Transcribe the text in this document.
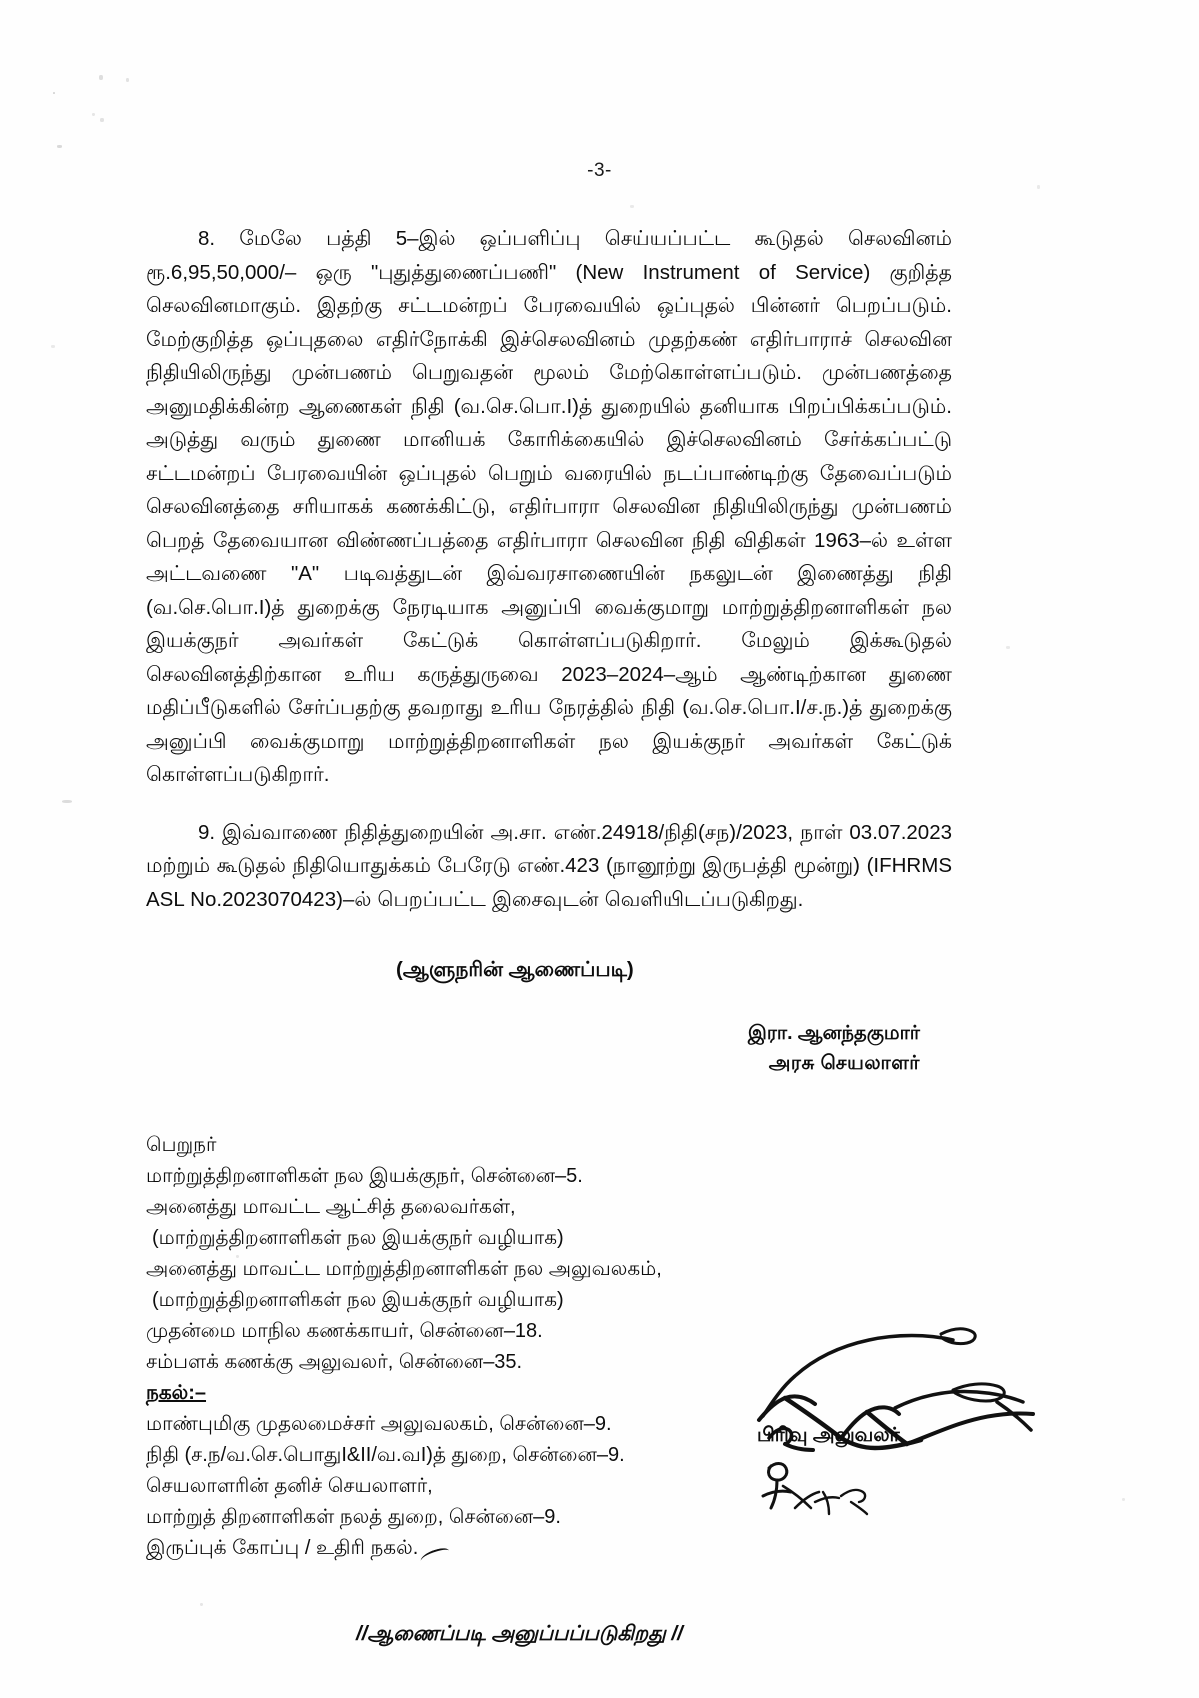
-3-

8. மேலே பத்தி 5–இல் ஒப்பளிப்பு செய்யப்பட்ட கூடுதல் செலவினம் ரூ.6,95,50,000/– ஒரு "புதுத்துணைப்பணி" (New Instrument of Service) குறித்த செலவினமாகும். இதற்கு சட்டமன்றப் பேரவையில் ஒப்புதல் பின்னர் பெறப்படும். மேற்குறித்த ஒப்புதலை எதிர்நோக்கி இச்செலவினம் முதற்கண் எதிர்பாராச் செலவின நிதியிலிருந்து முன்பணம் பெறுவதன் மூலம் மேற்கொள்ளப்படும். முன்பணத்தை அனுமதிக்கின்ற ஆணைகள் நிதி (வ.செ.பொ.I)த் துறையில் தனியாக பிறப்பிக்கப்படும். அடுத்து வரும் துணை மானியக் கோரிக்கையில் இச்செலவினம் சேர்க்கப்பட்டு சட்டமன்றப் பேரவையின் ஒப்புதல் பெறும் வரையில் நடப்பாண்டிற்கு தேவைப்படும் செலவினத்தை சரியாகக் கணக்கிட்டு, எதிர்பாரா செலவின நிதியிலிருந்து முன்பணம் பெறத் தேவையான விண்ணப்பத்தை எதிர்பாரா செலவின நிதி விதிகள் 1963–ல் உள்ள அட்டவணை "A" படிவத்துடன் இவ்வரசாணையின் நகலுடன் இணைத்து நிதி (வ.செ.பொ.I)த் துறைக்கு நேரடியாக அனுப்பி வைக்குமாறு மாற்றுத்திறனாளிகள் நல இயக்குநர் அவர்கள் கேட்டுக் கொள்ளப்படுகிறார். மேலும் இக்கூடுதல் செலவினத்திற்கான உரிய கருத்துருவை 2023–2024–ஆம் ஆண்டிற்கான துணை மதிப்பீடுகளில் சேர்ப்பதற்கு தவறாது உரிய நேரத்தில் நிதி (வ.செ.பொ.I/ச.ந.)த் துறைக்கு அனுப்பி வைக்குமாறு மாற்றுத்திறனாளிகள் நல இயக்குநர் அவர்கள் கேட்டுக் கொள்ளப்படுகிறார்.

9. இவ்வாணை நிதித்துறையின் அ.சா. எண்.24918/நிதி(சந)/2023, நாள் 03.07.2023 மற்றும் கூடுதல் நிதியொதுக்கம் பேரேடு எண்.423 (நானூற்று இருபத்தி மூன்று) (IFHRMS ASL No.2023070423)–ல் பெறப்பட்ட இசைவுடன் வெளியிடப்படுகிறது.

(ஆளுநரின் ஆணைப்படி)
இரா. ஆனந்தகுமார்
அரசு செயலாளர்
பெறுநர்
மாற்றுத்திறனாளிகள் நல இயக்குநர், சென்னை–5.
அனைத்து மாவட்ட ஆட்சித் தலைவர்கள்,
(மாற்றுத்திறனாளிகள் நல இயக்குநர் வழியாக)
அனைத்து மாவட்ட மாற்றுத்திறனாளிகள் நல அலுவலகம்,
(மாற்றுத்திறனாளிகள் நல இயக்குநர் வழியாக)
முதன்மை மாநில கணக்காயர், சென்னை–18.
சம்பளக் கணக்கு அலுவலர், சென்னை–35.
நகல்:–
மாண்புமிகு முதலமைச்சர் அலுவலகம், சென்னை–9.
நிதி (ச.ந/வ.செ.பொதுI&II/வ.வI)த் துறை, சென்னை–9.
செயலாளரின் தனிச் செயலாளர்,
மாற்றுத் திறனாளிகள் நலத் துறை, சென்னை–9.
இருப்புக் கோப்பு / உதிரி நகல்.
//ஆணைப்படி அனுப்பப்படுகிறது //
பிரிவு அலுவலர்
